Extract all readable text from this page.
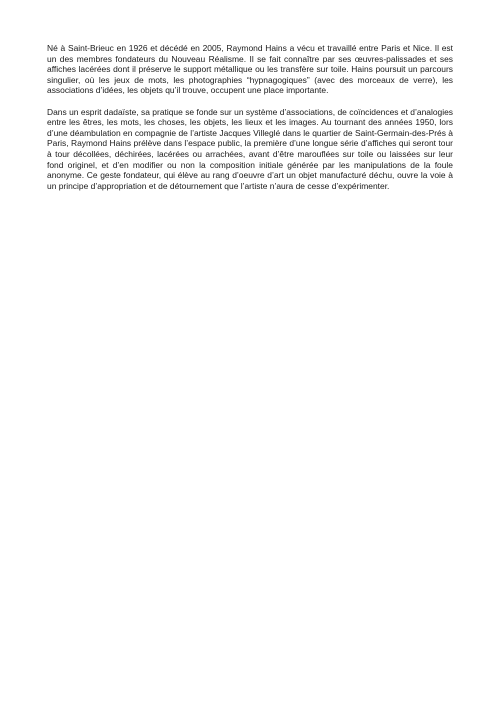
Né à Saint-Brieuc en 1926 et décédé en 2005, Raymond Hains a vécu et travaillé entre Paris et Nice. Il est un des membres fondateurs du Nouveau Réalisme. Il se fait connaître par ses œuvres-palissades et ses affiches lacérées dont il préserve le support métallique ou les transfère sur toile. Hains poursuit un parcours singulier, où les jeux de mots, les photographies “hypnagogiques” (avec des morceaux de verre), les associations d’idées, les objets qu’il trouve, occupent une place importante.

Dans un esprit dadaïste, sa pratique se fonde sur un système d’associations, de coïncidences et d’analogies entre les êtres, les mots, les choses, les objets, les lieux et les images. Au tournant des années 1950, lors d’une déambulation en compagnie de l’artiste Jacques Villeglé dans le quartier de Saint-Germain-des-Prés à Paris, Raymond Hains prélève dans l’espace public, la première d’une longue série d’affiches qui seront tour à tour décollées, déchirées, lacérées ou arrachées, avant d’être marouflées sur toile ou laissées sur leur fond originel, et d’en modifier ou non la composition initiale générée par les manipulations de la foule anonyme. Ce geste fondateur, qui élève au rang d’oeuvre d’art un objet manufacturé déchu, ouvre la voie à un principe d’appropriation et de détournement que l’artiste n’aura de cesse d’expérimenter.
